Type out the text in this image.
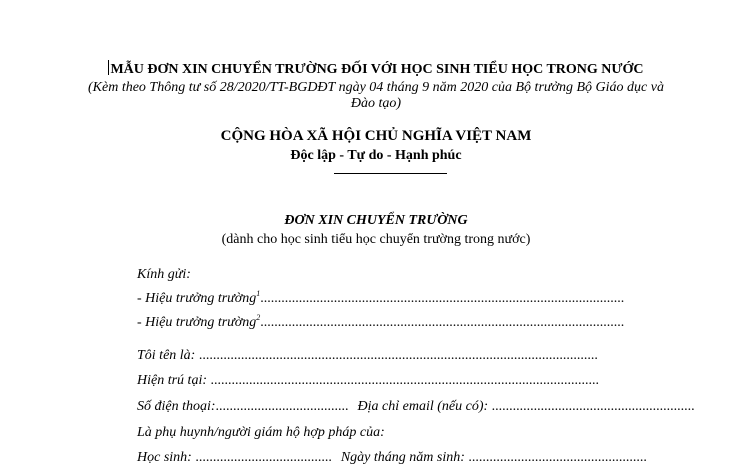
MẪU ĐƠN XIN CHUYỂN TRƯỜNG ĐỐI VỚI HỌC SINH TIỂU HỌC TRONG NƯỚC
(Kèm theo Thông tư số 28/2020/TT-BGDĐT ngày 04 tháng 9 năm 2020 của Bộ trưởng Bộ Giáo dục và
Đào tạo)
CỘNG HÒA XÃ HỘI CHỦ NGHĨA VIỆT NAM
Độc lập - Tự do - Hạnh phúc
ĐƠN XIN CHUYỂN TRƯỜNG
(dành cho học sinh tiểu học chuyển trường trong nước)
Kính gửi:
- Hiệu trưởng trường$^1$........................................................................................................
- Hiệu trưởng trường$^2$........................................................................................................
Tôi tên là: ..................................................................................................................
Hiện trú tại: ...............................................................................................................
Số điện thoại:...................................... Địa chỉ email (nếu có): ..........................................................
Là phụ huynh/người giám hộ hợp pháp của:
Học sinh: ....................................... Ngày tháng năm sinh: ...................................................
